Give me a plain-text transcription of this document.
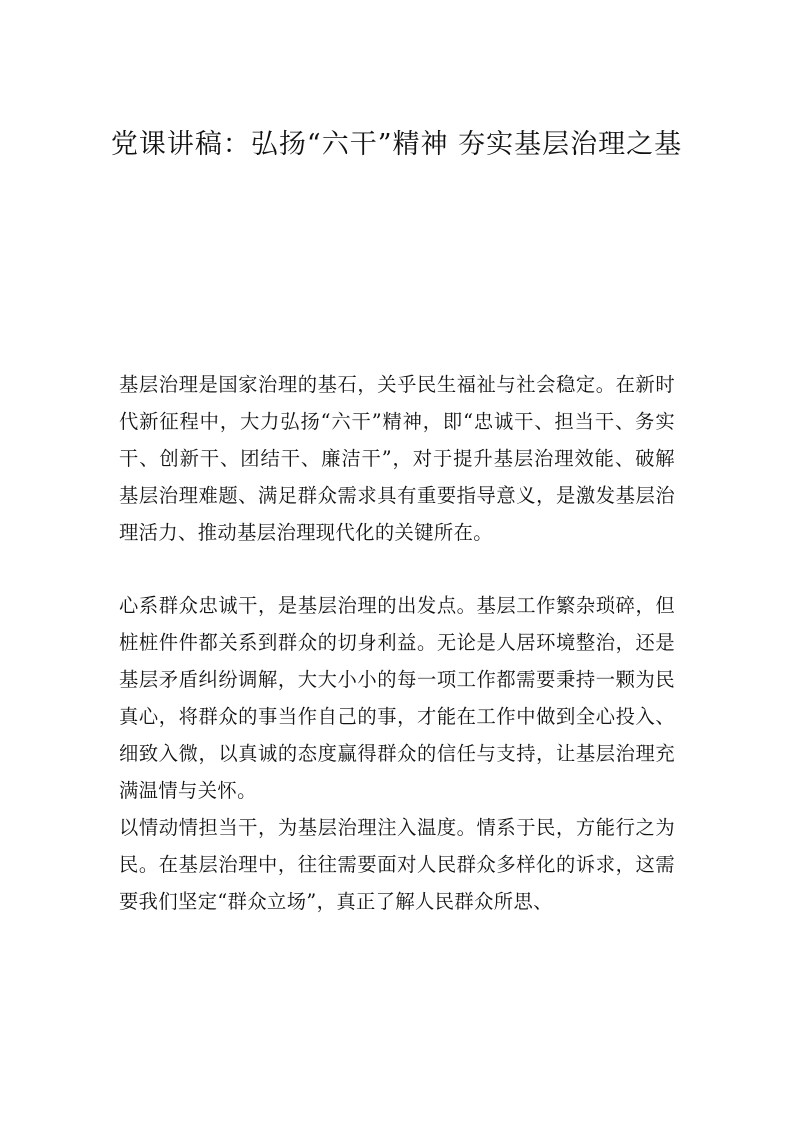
党课讲稿：弘扬“六干”精神 夯实基层治理之基

基层治理是国家治理的基石，关乎民生福祉与社会稳定。在新时代新征程中，大力弘扬“六干”精神，即“忠诚干、担当干、务实干、创新干、团结干、廉洁干”，对于提升基层治理效能、破解基层治理难题、满足群众需求具有重要指导意义，是激发基层治理活力、推动基层治理现代化的关键所在。

心系群众忠诚干，是基层治理的出发点。基层工作繁杂琐碎，但桩桩件件都关系到群众的切身利益。无论是人居环境整治，还是基层矛盾纠纷调解，大大小小的每一项工作都需要秉持一颗为民真心，将群众的事当作自己的事，才能在工作中做到全心投入、细致入微，以真诚的态度赢得群众的信任与支持，让基层治理充满温情与关怀。

以情动情担当干，为基层治理注入温度。情系于民，方能行之为民。在基层治理中，往往需要面对人民群众多样化的诉求，这需要我们坚定“群众立场”，真正了解人民群众所思、
